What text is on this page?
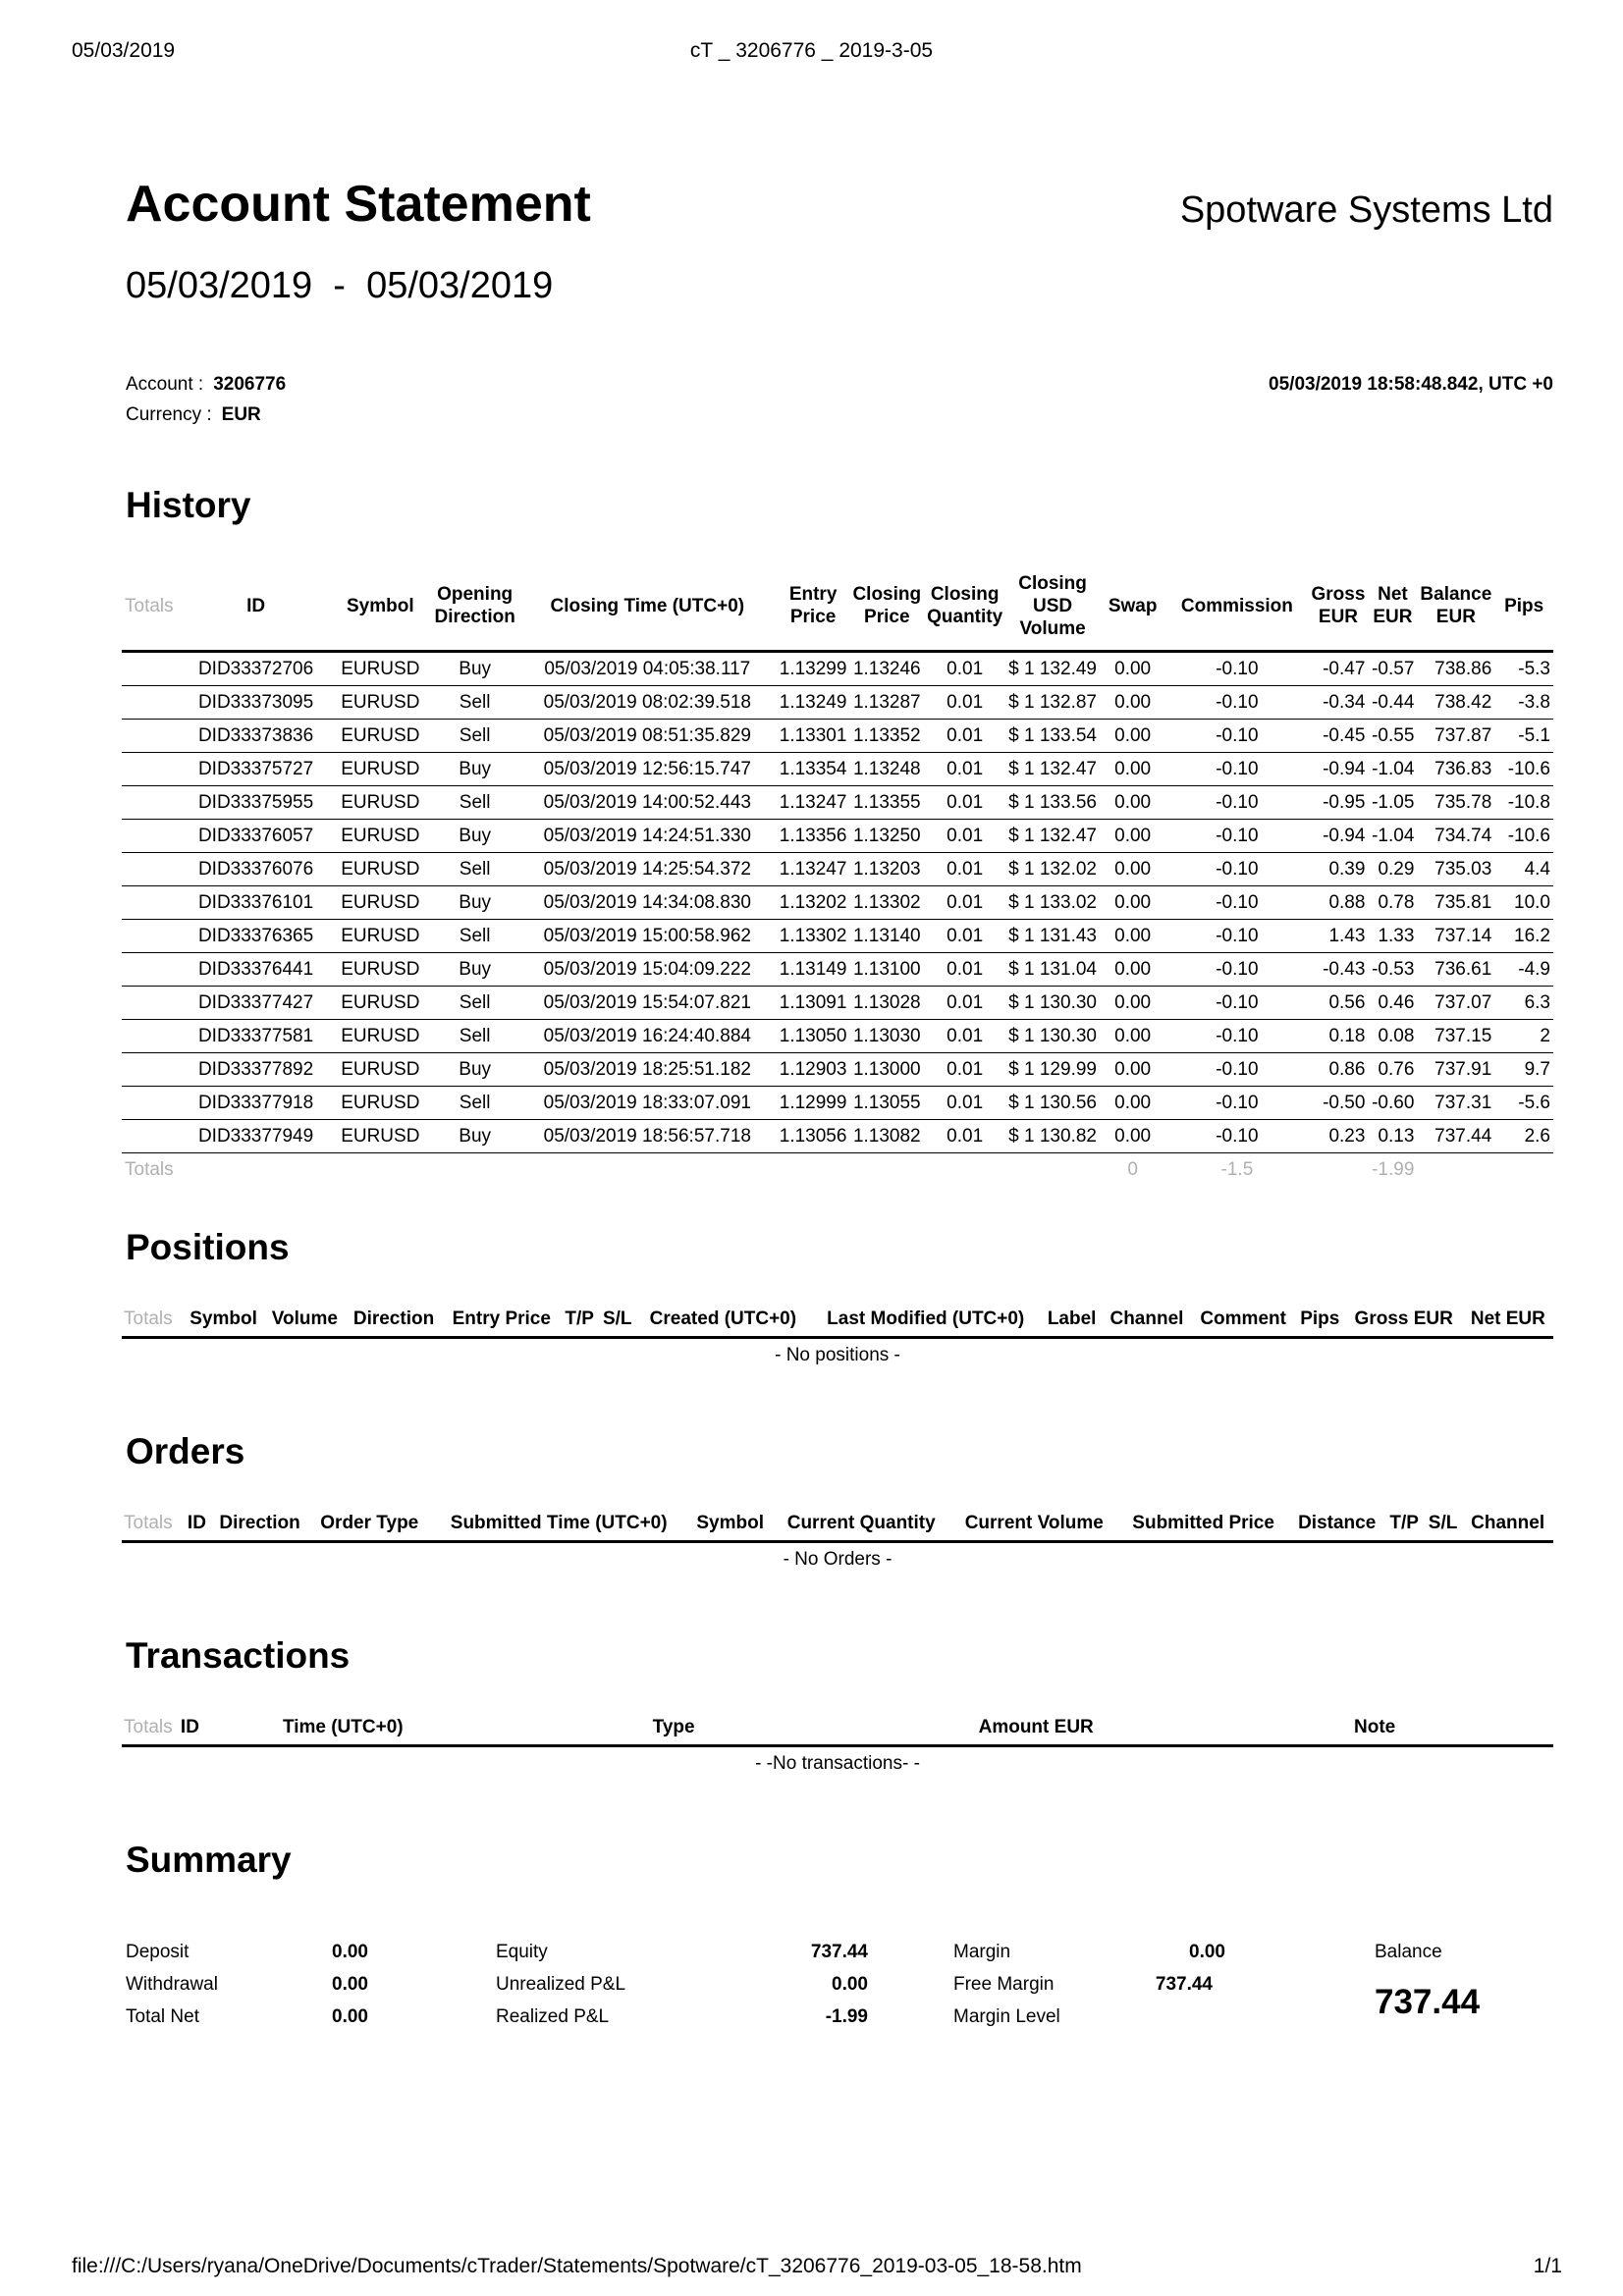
05/03/2019	cT _ 3206776 _ 2019-3-05
Account Statement	Spotware Systems Ltd
05/03/2019  -  05/03/2019
Account : 3206776
Currency : EUR
05/03/2019 18:58:48.842, UTC +0
History
Totals	ID	Symbol	Opening Direction	Closing Time (UTC+0)	Entry Price	Closing Price	Closing Quantity	Closing USD Volume	Swap	Commission	Gross EUR	Net EUR	Balance EUR	Pips
	DID33372706	EURUSD	Buy	05/03/2019 04:05:38.117	1.13299	1.13246	0.01	$ 1 132.49	0.00	-0.10	-0.47	-0.57	738.86	-5.3
	DID33373095	EURUSD	Sell	05/03/2019 08:02:39.518	1.13249	1.13287	0.01	$ 1 132.87	0.00	-0.10	-0.34	-0.44	738.42	-3.8
	DID33373836	EURUSD	Sell	05/03/2019 08:51:35.829	1.13301	1.13352	0.01	$ 1 133.54	0.00	-0.10	-0.45	-0.55	737.87	-5.1
	DID33375727	EURUSD	Buy	05/03/2019 12:56:15.747	1.13354	1.13248	0.01	$ 1 132.47	0.00	-0.10	-0.94	-1.04	736.83	-10.6
	DID33375955	EURUSD	Sell	05/03/2019 14:00:52.443	1.13247	1.13355	0.01	$ 1 133.56	0.00	-0.10	-0.95	-1.05	735.78	-10.8
	DID33376057	EURUSD	Buy	05/03/2019 14:24:51.330	1.13356	1.13250	0.01	$ 1 132.47	0.00	-0.10	-0.94	-1.04	734.74	-10.6
	DID33376076	EURUSD	Sell	05/03/2019 14:25:54.372	1.13247	1.13203	0.01	$ 1 132.02	0.00	-0.10	0.39	0.29	735.03	4.4
	DID33376101	EURUSD	Buy	05/03/2019 14:34:08.830	1.13202	1.13302	0.01	$ 1 133.02	0.00	-0.10	0.88	0.78	735.81	10.0
	DID33376365	EURUSD	Sell	05/03/2019 15:00:58.962	1.13302	1.13140	0.01	$ 1 131.43	0.00	-0.10	1.43	1.33	737.14	16.2
	DID33376441	EURUSD	Buy	05/03/2019 15:04:09.222	1.13149	1.13100	0.01	$ 1 131.04	0.00	-0.10	-0.43	-0.53	736.61	-4.9
	DID33377427	EURUSD	Sell	05/03/2019 15:54:07.821	1.13091	1.13028	0.01	$ 1 130.30	0.00	-0.10	0.56	0.46	737.07	6.3
	DID33377581	EURUSD	Sell	05/03/2019 16:24:40.884	1.13050	1.13030	0.01	$ 1 130.30	0.00	-0.10	0.18	0.08	737.15	2
	DID33377892	EURUSD	Buy	05/03/2019 18:25:51.182	1.12903	1.13000	0.01	$ 1 129.99	0.00	-0.10	0.86	0.76	737.91	9.7
	DID33377918	EURUSD	Sell	05/03/2019 18:33:07.091	1.12999	1.13055	0.01	$ 1 130.56	0.00	-0.10	-0.50	-0.60	737.31	-5.6
	DID33377949	EURUSD	Buy	05/03/2019 18:56:57.718	1.13056	1.13082	0.01	$ 1 130.82	0.00	-0.10	0.23	0.13	737.44	2.6
Totals									0	-1.5		-1.99		
Positions
Totals	Symbol	Volume	Direction	Entry Price	T/P	S/L	Created (UTC+0)	Last Modified (UTC+0)	Label	Channel	Comment	Pips	Gross EUR	Net EUR
- No positions -
Orders
Totals	ID	Direction	Order Type	Submitted Time (UTC+0)	Symbol	Current Quantity	Current Volume	Submitted Price	Distance	T/P	S/L	Channel
- No Orders -
Transactions
Totals	ID	Time (UTC+0)	Type	Amount EUR	Note
- -No transactions- -
Summary
Deposit	0.00
Withdrawal	0.00
Total Net	0.00
Equity	737.44
Unrealized P&L	0.00
Realized P&L	-1.99
Margin	0.00
Free Margin	737.44
Margin Level
Balance
737.44
file:///C:/Users/ryana/OneDrive/Documents/cTrader/Statements/Spotware/cT_3206776_2019-03-05_18-58.htm	1/1
